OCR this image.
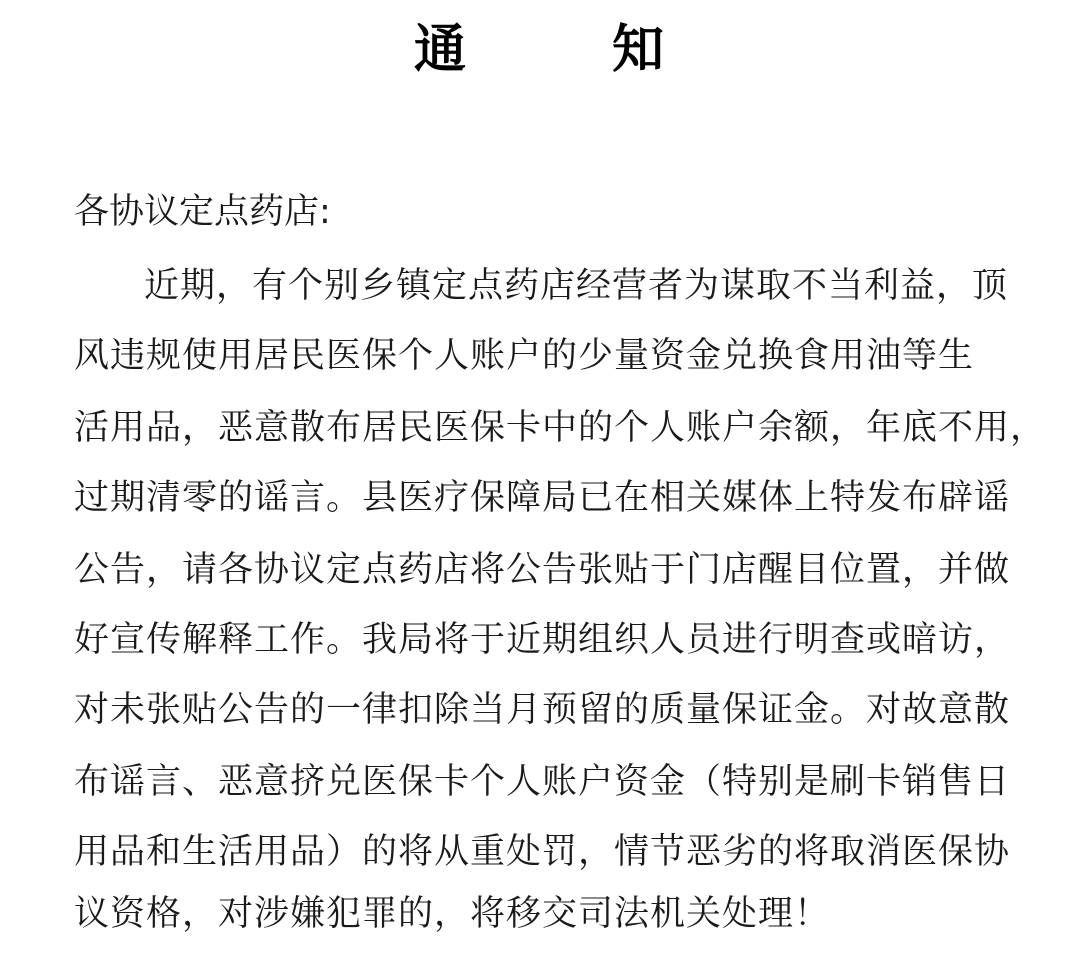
通	知
各协议定点药店:
近期，有个别乡镇定点药店经营者为谋取不当利益，顶
风违规使用居民医保个人账户的少量资金兑换食用油等生
活用品，恶意散布居民医保卡中的个人账户余额，年底不用，
过期清零的谣言。县医疗保障局已在相关媒体上特发布辟谣
公告，请各协议定点药店将公告张贴于门店醒目位置，并做
好宣传解释工作。我局将于近期组织人员进行明查或暗访，
对未张贴公告的一律扣除当月预留的质量保证金。对故意散
布谣言、恶意挤兑医保卡个人账户资金（特别是刷卡销售日
用品和生活用品）的将从重处罚，情节恶劣的将取消医保协
议资格，对涉嫌犯罪的，将移交司法机关处理！
